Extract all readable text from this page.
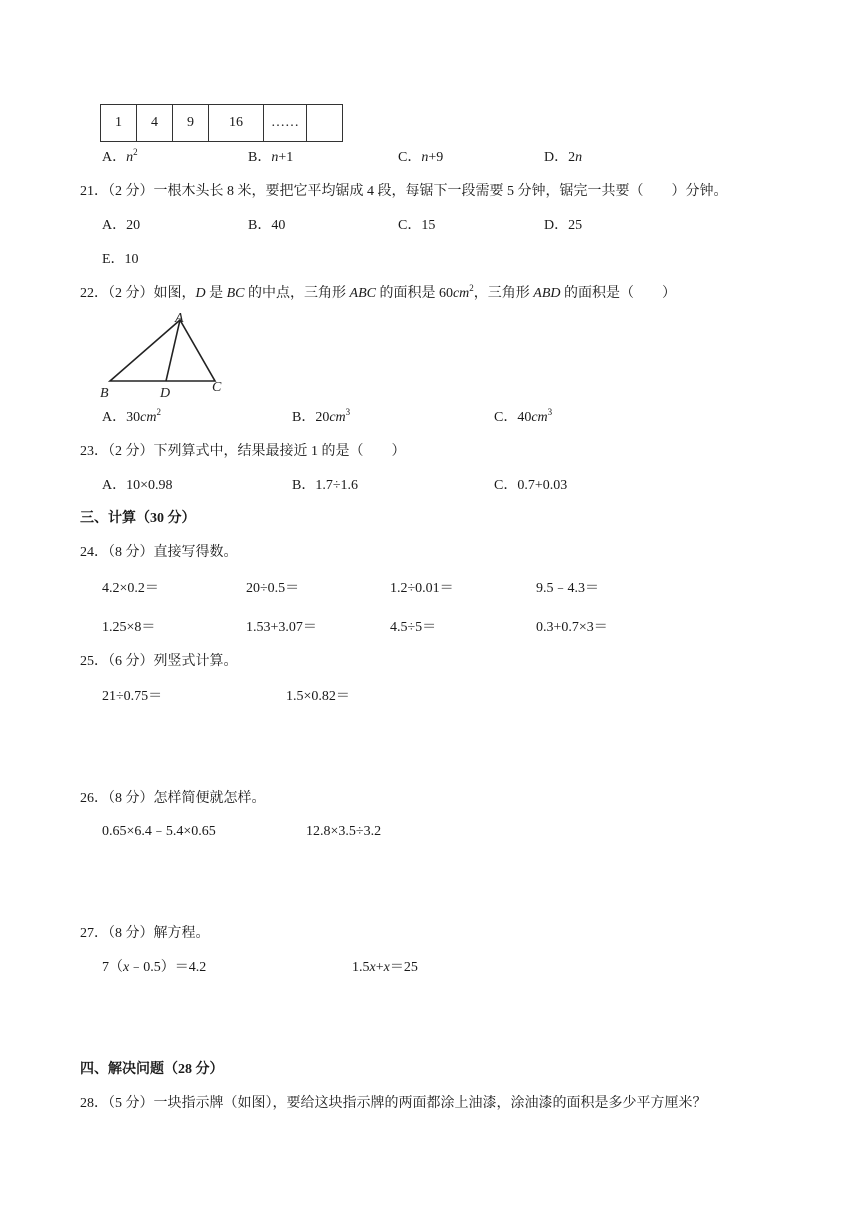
1	4	9	16	……	
A．$n^2$	B．n+1	C．n+9	D．2n
21．（2 分）一根木头长 8 米，要把它平均锯成 4 段，每锯下一段需要 5 分钟，锯完一共要（　　）分钟。
A．20	B．40	C．15	D．25
E．10
22．（2 分）如图，D 是 BC 的中点，三角形 ABC 的面积是 $60cm^2$，三角形 ABD 的面积是（　　）
A
B	D	C
A．$30cm^2$	B．$20cm^3$	C．$40cm^3$
23．（2 分）下列算式中，结果最接近 1 的是（　　）
A．10×0.98	B．1.7÷1.6	C．0.7+0.03
三、计算（30 分）
24．（8 分）直接写得数。
4.2×0.2＝	20÷0.5＝	1.2÷0.01＝	9.5﹣4.3＝
1.25×8＝	1.53+3.07＝	4.5÷5＝	0.3+0.7×3＝
25．（6 分）列竖式计算。
21÷0.75＝	1.5×0.82＝
26．（8 分）怎样简便就怎样。
0.65×6.4﹣5.4×0.65	12.8×3.5÷3.2
27．（8 分）解方程。
7（x﹣0.5）＝4.2	1.5x+x＝25
四、解决问题（28 分）
28．（5 分）一块指示牌（如图），要给这块指示牌的两面都涂上油漆，涂油漆的面积是多少平方厘米？
